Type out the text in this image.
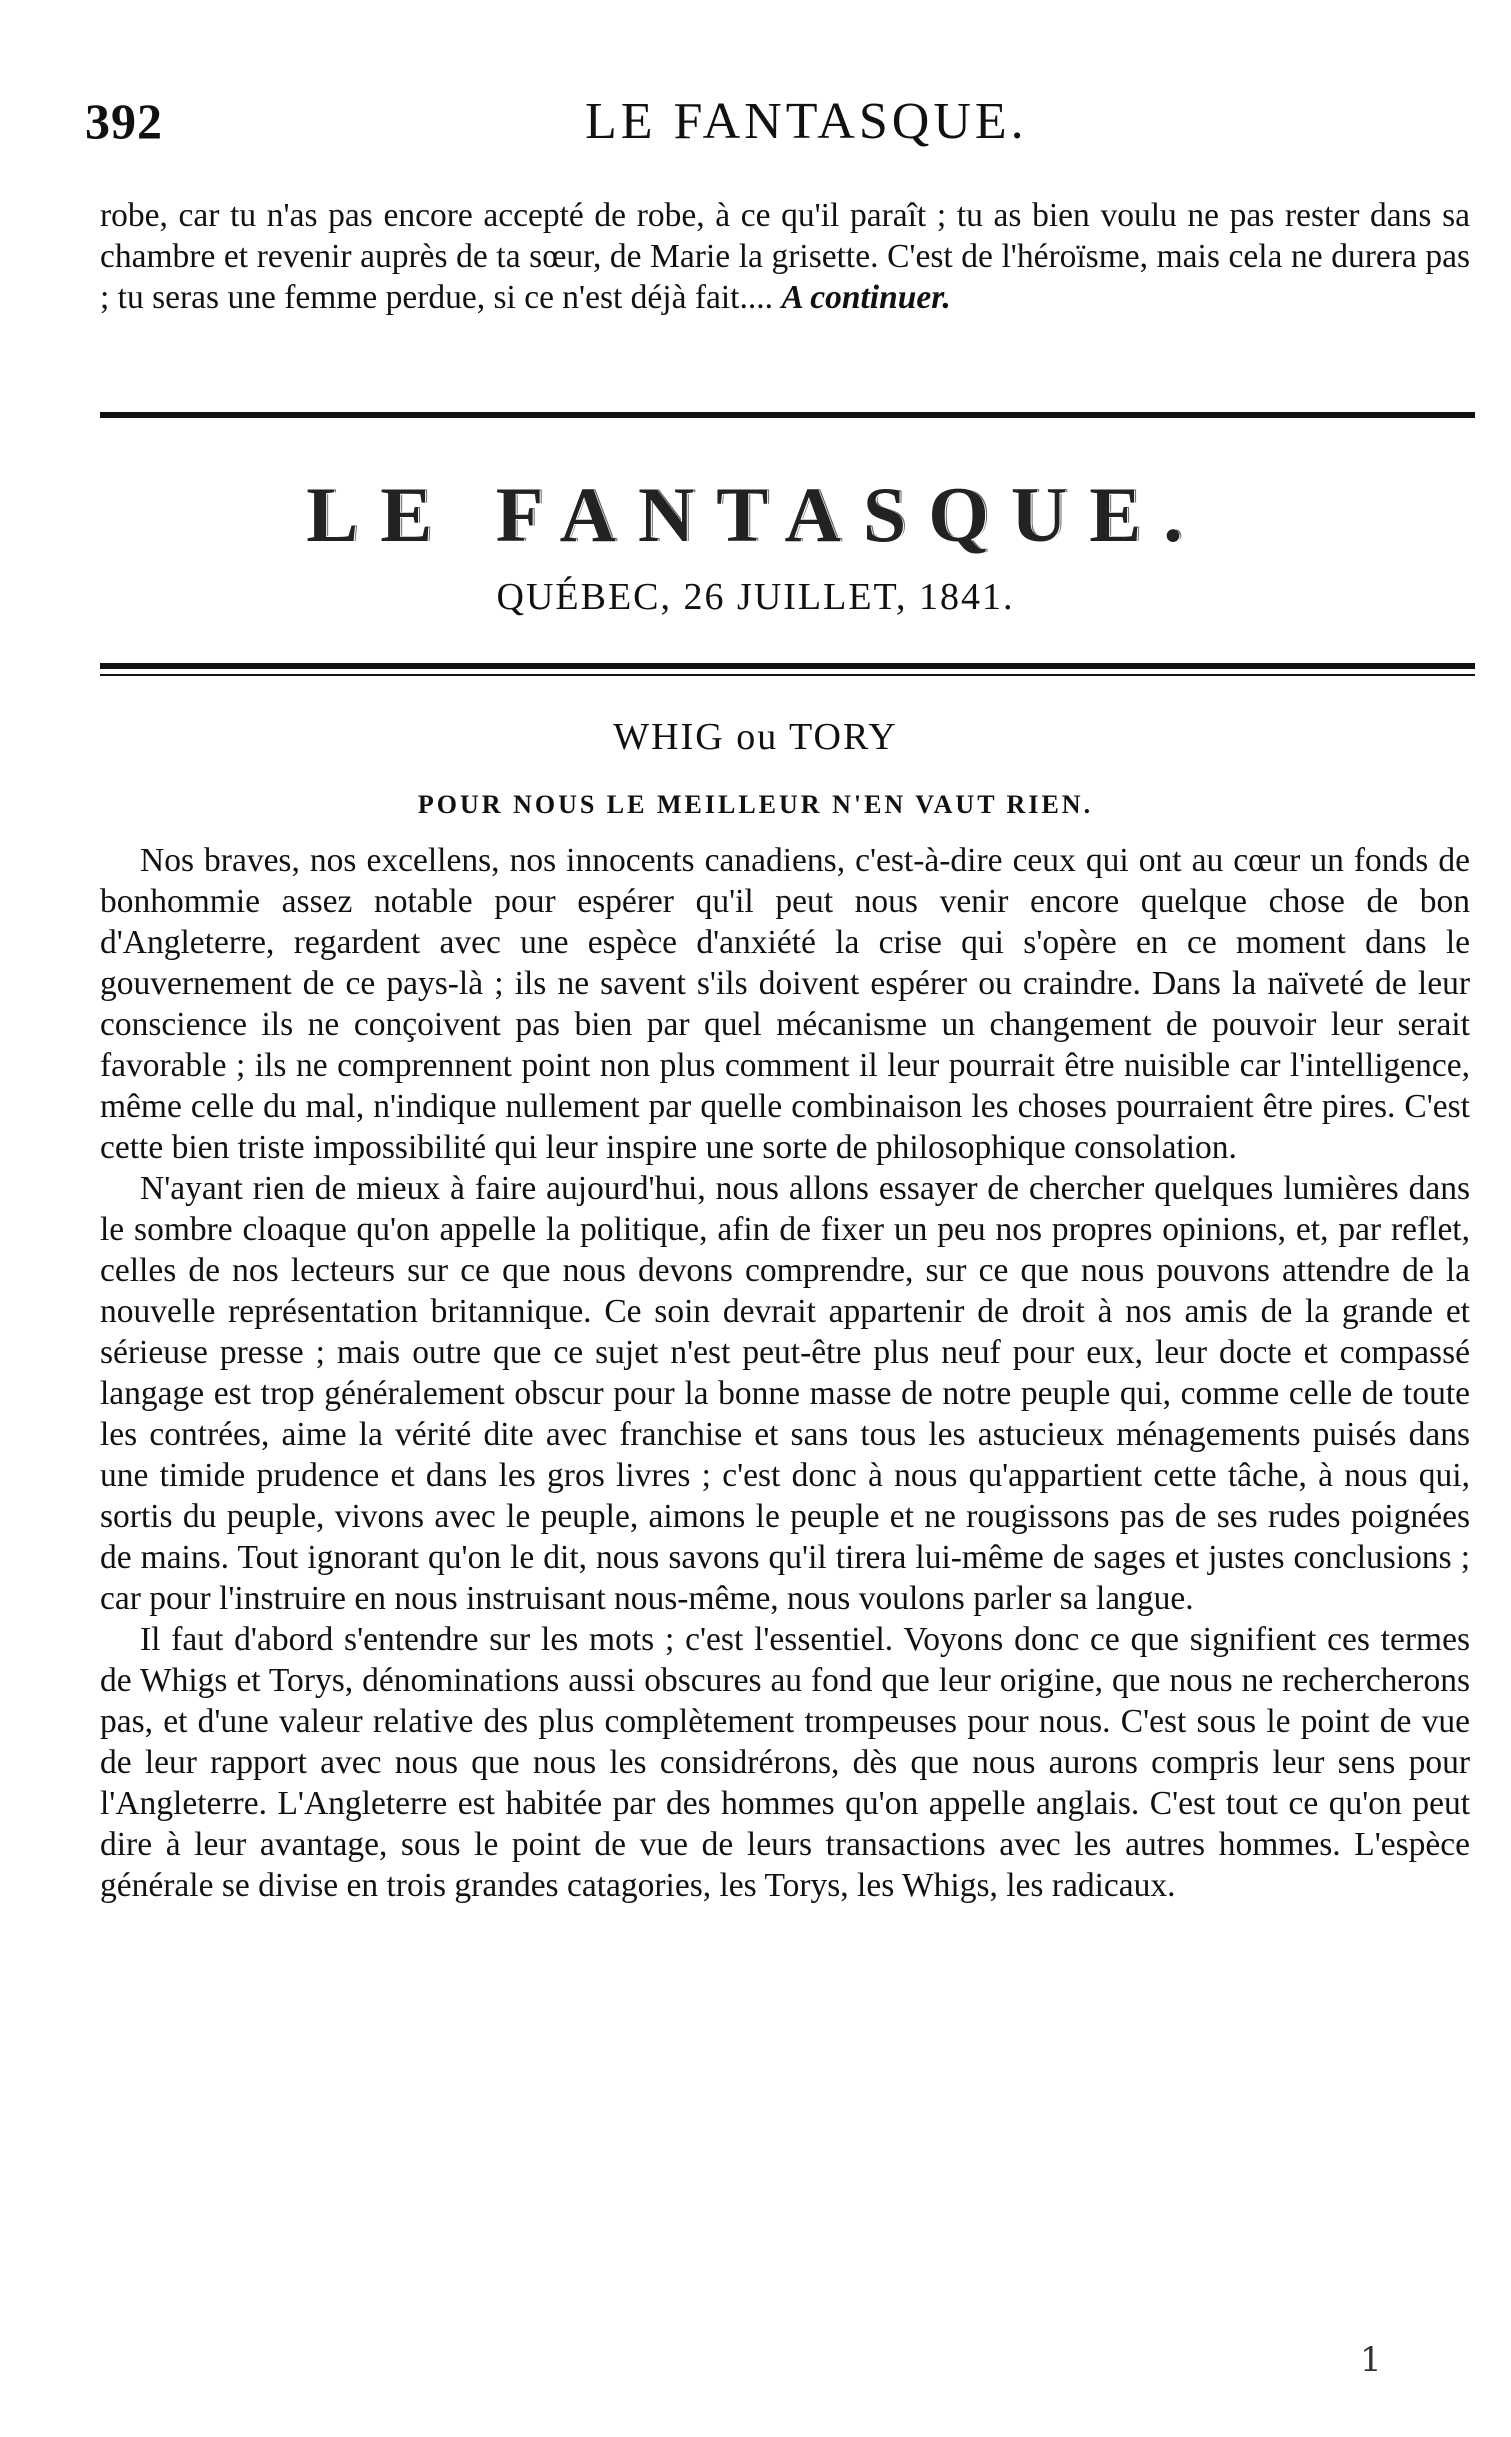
392	LE FANTASQUE.

robe, car tu n'as pas encore accepté de robe, à ce qu'il paraît ; tu as bien voulu ne pas rester dans sa chambre et revenir auprès de ta sœur, de Marie la grisette. C'est de l'héroïsme, mais cela ne durera pas ; tu seras une femme perdue, si ce n'est déjà fait.... A continuer.

LE FANTASQUE.
QUÉBEC, 26 JUILLET, 1841.
WHIG ou TORY
POUR NOUS LE MEILLEUR N'EN VAUT RIEN.

Nos braves, nos excellens, nos innocents canadiens, c'est-à-dire ceux qui ont au cœur un fonds de bonhommie assez notable pour espérer qu'il peut nous venir encore quelque chose de bon d'Angleterre, regardent avec une espèce d'anxiété la crise qui s'opère en ce moment dans le gouvernement de ce pays-là ; ils ne savent s'ils doivent espérer ou craindre. Dans la naïveté de leur conscience ils ne conçoivent pas bien par quel mécanisme un changement de pouvoir leur serait favorable ; ils ne comprennent point non plus comment il leur pourrait être nuisible car l'intelligence, même celle du mal, n'indique nullement par quelle combinaison les choses pourraient être pires. C'est cette bien triste impossibilité qui leur inspire une sorte de philosophique consolation.

N'ayant rien de mieux à faire aujourd'hui, nous allons essayer de chercher quelques lumières dans le sombre cloaque qu'on appelle la politique, afin de fixer un peu nos propres opinions, et, par reflet, celles de nos lecteurs sur ce que nous devons comprendre, sur ce que nous pouvons attendre de la nouvelle représentation britannique. Ce soin devrait appartenir de droit à nos amis de la grande et sérieuse presse ; mais outre que ce sujet n'est peut-être plus neuf pour eux, leur docte et compassé langage est trop généralement obscur pour la bonne masse de notre peuple qui, comme celle de toute les contrées, aime la vérité dite avec franchise et sans tous les astucieux ménagements puisés dans une timide prudence et dans les gros livres ; c'est donc à nous qu'appartient cette tâche, à nous qui, sortis du peuple, vivons avec le peuple, aimons le peuple et ne rougissons pas de ses rudes poignées de mains. Tout ignorant qu'on le dit, nous savons qu'il tirera lui-même de sages et justes conclusions ; car pour l'instruire en nous instruisant nous-même, nous voulons parler sa langue.

Il faut d'abord s'entendre sur les mots ; c'est l'essentiel. Voyons donc ce que signifient ces termes de Whigs et Torys, dénominations aussi obscures au fond que leur origine, que nous ne rechercherons pas, et d'une valeur relative des plus complètement trompeuses pour nous. C'est sous le point de vue de leur rapport avec nous que nous les considrérons, dès que nous aurons compris leur sens pour l'Angleterre. L'Angleterre est habitée par des hommes qu'on appelle anglais. C'est tout ce qu'on peut dire à leur avantage, sous le point de vue de leurs transactions avec les autres hommes. L'espèce générale se divise en trois grandes catagories, les Torys, les Whigs, les radicaux.

1
